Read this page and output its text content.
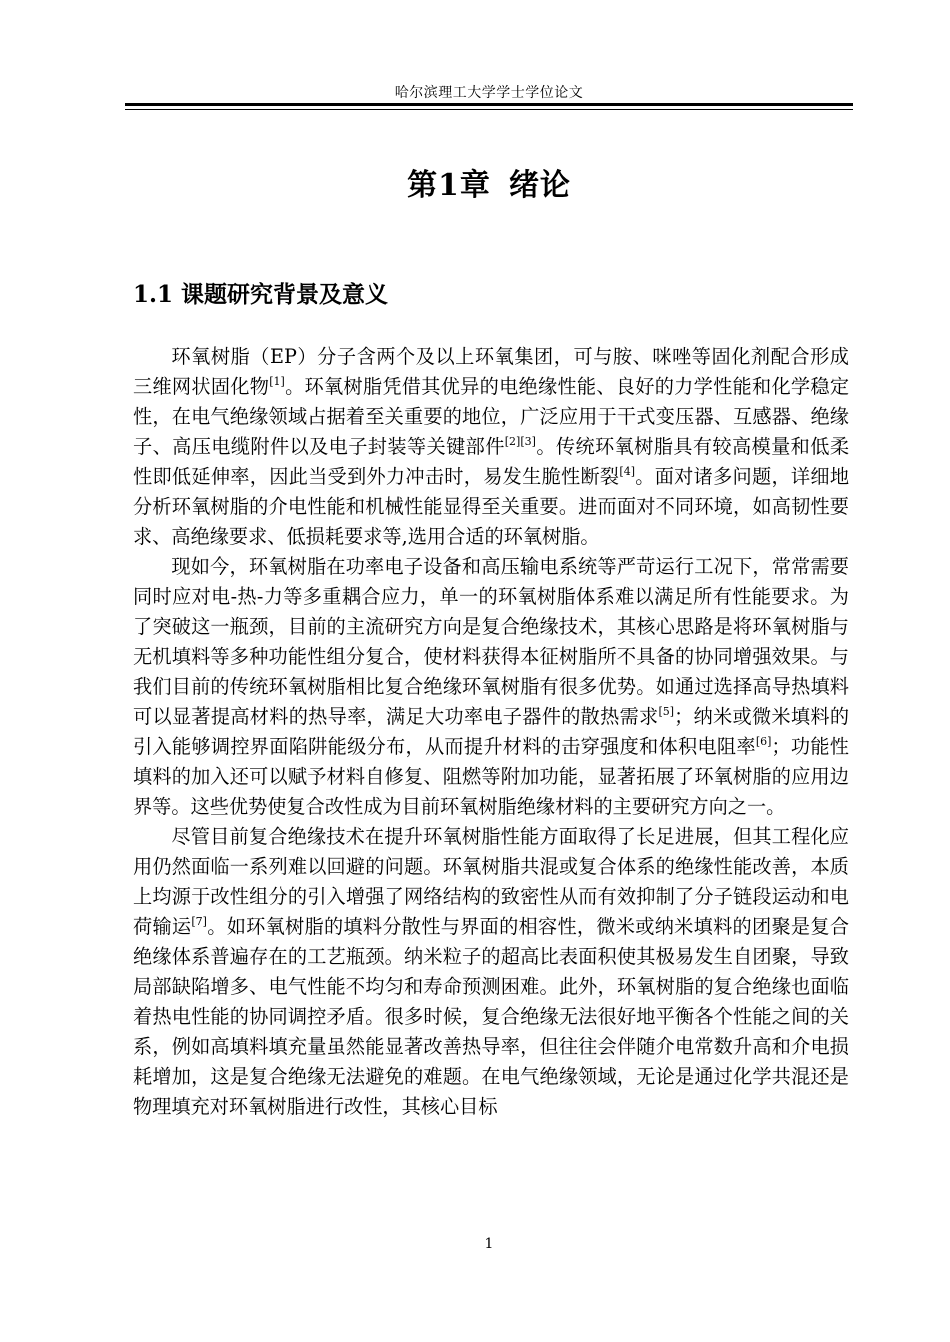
哈尔滨理工大学学士学位论文
第1章 绪论
1.1 课题研究背景及意义

环氧树脂（EP）分子含两个及以上环氧集团，可与胺、咪唑等固化剂配合形成三维网状固化物[1]。环氧树脂凭借其优异的电绝缘性能、良好的力学性能和化学稳定性，在电气绝缘领域占据着至关重要的地位，广泛应用于干式变压器、互感器、绝缘子、高压电缆附件以及电子封装等关键部件[2][3]。传统环氧树脂具有较高模量和低柔性即低延伸率，因此当受到外力冲击时，易发生脆性断裂[4]。面对诸多问题，详细地分析环氧树脂的介电性能和机械性能显得至关重要。进而面对不同环境，如高韧性要求、高绝缘要求、低损耗要求等,选用合适的环氧树脂。

现如今，环氧树脂在功率电子设备和高压输电系统等严苛运行工况下，常常需要同时应对电-热-力等多重耦合应力，单一的环氧树脂体系难以满足所有性能要求。为了突破这一瓶颈，目前的主流研究方向是复合绝缘技术，其核心思路是将环氧树脂与无机填料等多种功能性组分复合，使材料获得本征树脂所不具备的协同增强效果。与我们目前的传统环氧树脂相比复合绝缘环氧树脂有很多优势。如通过选择高导热填料可以显著提高材料的热导率，满足大功率电子器件的散热需求[5]；纳米或微米填料的引入能够调控界面陷阱能级分布，从而提升材料的击穿强度和体积电阻率[6]；功能性填料的加入还可以赋予材料自修复、阻燃等附加功能，显著拓展了环氧树脂的应用边界等。这些优势使复合改性成为目前环氧树脂绝缘材料的主要研究方向之一。

尽管目前复合绝缘技术在提升环氧树脂性能方面取得了长足进展，但其工程化应用仍然面临一系列难以回避的问题。环氧树脂共混或复合体系的绝缘性能改善，本质上均源于改性组分的引入增强了网络结构的致密性从而有效抑制了分子链段运动和电荷输运[7]。如环氧树脂的填料分散性与界面的相容性，微米或纳米填料的团聚是复合绝缘体系普遍存在的工艺瓶颈。纳米粒子的超高比表面积使其极易发生自团聚，导致局部缺陷增多、电气性能不均匀和寿命预测困难。此外，环氧树脂的复合绝缘也面临着热电性能的协同调控矛盾。很多时候，复合绝缘无法很好地平衡各个性能之间的关系，例如高填料填充量虽然能显著改善热导率，但往往会伴随介电常数升高和介电损耗增加，这是复合绝缘无法避免的难题。在电气绝缘领域，无论是通过化学共混还是物理填充对环氧树脂进行改性，其核心目标

1
